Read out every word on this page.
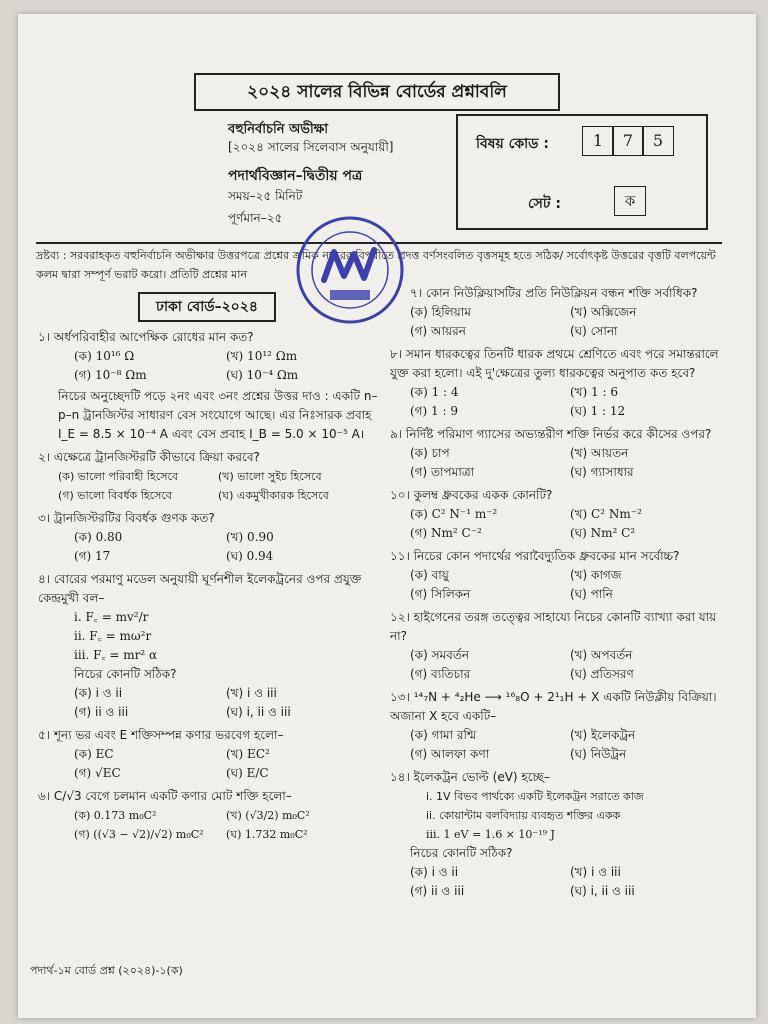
২০২৪ সালের বিভিন্ন বোর্ডের প্রশ্নাবলি
বহুনির্বাচনি অভীক্ষা
[২০২৪ সালের সিলেবাস অনুযায়ী]
পদার্থবিজ্ঞান–দ্বিতীয় পত্র
সময়–২৫ মিনিট
পূর্ণমান–২৫
বিষয় কোড :	1	7	5
সেট :	ক
দ্রষ্টব্য : সরবরাহকৃত বহুনির্বাচনি অভীক্ষার উত্তরপত্রে প্রশ্নের ক্রমিক নম্বরের বিপরীতে প্রদত্ত বর্ণসংবলিত বৃত্তসমূহ হতে সঠিক/ সর্বোৎকৃষ্ট উত্তরের বৃত্তটি বলপয়েন্ট কলম দ্বারা সম্পূর্ণ ভরাট করো। প্রতিটি প্রশ্নের মান
ঢাকা বোর্ড–২০২৪
১। অর্ধপরিবাহীর আপেক্ষিক রোধের মান কত?
(ক) 10¹⁶ Ω	(খ) 10¹² Ωm
(গ) 10⁻⁸ Ωm	(ঘ) 10⁻⁴ Ωm
নিচের অনুচ্ছেদটি পড়ে ২নং এবং ৩নং প্রশ্নের উত্তর দাও : একটি n–p–n ট্রানজিস্টর সাধারণ বেস সংযোগে আছে। এর নিঃসারক প্রবাহ I_E = 8.5 × 10⁻⁴ A এবং বেস প্রবাহ I_B = 5.0 × 10⁻⁵ A।
২। এক্ষেত্রে ট্রানজিস্টরটি কীভাবে ক্রিয়া করবে?
(ক) ভালো পরিবাহী হিসেবে	(খ) ভালো সুইচ হিসেবে
(গ) ভালো বিবর্ধক হিসেবে	(ঘ) একমুখীকারক হিসেবে
৩। ট্রানজিস্টরটির বিবর্ধক গুণক কত?
(ক) 0.80	(খ) 0.90
(গ) 17	(ঘ) 0.94
৪। বোরের পরমাণু মডেল অনুযায়ী ঘূর্ণনশীল ইলেকট্রনের ওপর প্রযুক্ত কেন্দ্রমুখী বল–
i. F꜀ = mv²/r
ii. F꜀ = mω²r
iii. F꜀ = mr² α
নিচের কোনটি সঠিক?
(ক) i ও ii	(খ) i ও iii
(গ) ii ও iii	(ঘ) i, ii ও iii
৫। শূন্য ভর এবং E শক্তিসম্পন্ন কণার ভরবেগ হলো–
(ক) EC	(খ) EC²
(গ) √EC	(ঘ) E/C
৬। C/√3 বেগে চলমান একটি কণার মোট শক্তি হলো–
(ক) 0.173 m₀C²	(খ) (√3/2) m₀C²
(গ) ((√3 − √2)/√2) m₀C²	(ঘ) 1.732 m₀C²
৭। কোন নিউক্লিয়াসটির প্রতি নিউক্লিয়ন বন্ধন শক্তি সর্বাধিক?
(ক) হিলিয়াম	(খ) অক্সিজেন
(গ) আয়রন	(ঘ) সোনা
৮। সমান ধারকত্বের তিনটি ধারক প্রথমে শ্রেণিতে এবং পরে সমান্তরালে যুক্ত করা হলো। এই দু'ক্ষেত্রের তুল্য ধারকত্বের অনুপাত কত হবে?
(ক) 1 : 4	(খ) 1 : 6
(গ) 1 : 9	(ঘ) 1 : 12
৯। নির্দিষ্ট পরিমাণ গ্যাসের অভ্যন্তরীণ শক্তি নির্ভর করে কীসের ওপর?
(ক) চাপ	(খ) আয়তন
(গ) তাপমাত্রা	(ঘ) গ্যাসাধার
১০। কুলম্ব ধ্রুবকের একক কোনটি?
(ক) C² N⁻¹ m⁻²	(খ) C² Nm⁻²
(গ) Nm² C⁻²	(ঘ) Nm² C²
১১। নিচের কোন পদার্থের পরাবৈদ্যুতিক ধ্রুবকের মান সর্বোচ্চ?
(ক) বায়ু	(খ) কাগজ
(গ) সিলিকন	(ঘ) পানি
১২। হাইগেনের তরঙ্গ তত্ত্বের সাহায্যে নিচের কোনটি ব্যাখ্যা করা যায় না?
(ক) সমবর্তন	(খ) অপবর্তন
(গ) ব্যতিচার	(ঘ) প্রতিসরণ
১৩। ¹⁴₇N + ⁴₂He ⟶ ¹⁶₈O + 2¹₁H + X একটি নিউক্লীয় বিক্রিয়া। অজানা X হবে একটি–
(ক) গামা রশ্মি	(খ) ইলেকট্রন
(গ) আলফা কণা	(ঘ) নিউট্রন
১৪। ইলেকট্রন ভোল্ট (eV) হচ্ছে–
i. 1V বিভব পার্থক্যে একটি ইলেকট্রন সরাতে কাজ
ii. কোয়ান্টাম বলবিদ্যায় ব্যবহৃত শক্তির একক
iii. 1 eV = 1.6 × 10⁻¹⁹ J
নিচের কোনটি সঠিক?
(ক) i ও ii	(খ) i ও iii
(গ) ii ও iii	(ঘ) i, ii ও iii
পদার্থ-১ম বোর্ড প্রশ্ন (২০২৪)-১(ক)
